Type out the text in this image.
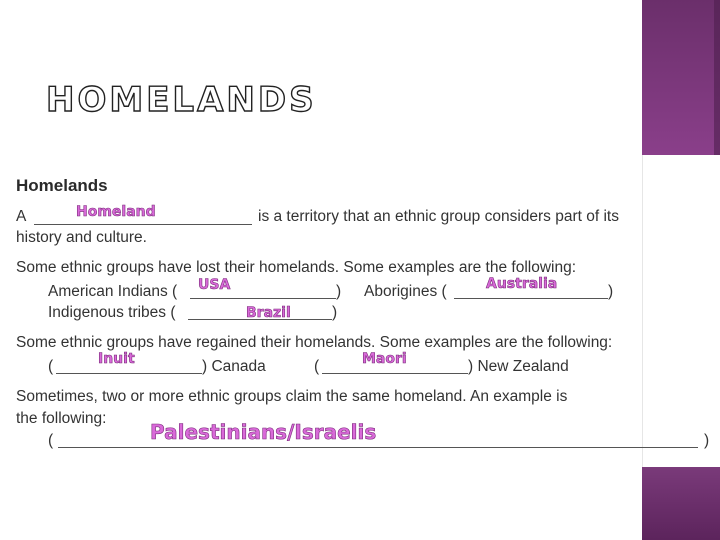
HOMELANDS
Homelands
A	Homeland	is a territory that an ethnic group considers part of its
history and culture.
Some ethnic groups have lost their homelands. Some examples are the following:
American Indians ( USA	) Aborigines (	Australia	)
Indigenous tribes (	Brazil	)
Some ethnic groups have regained their homelands. Some examples are the following:
(	Inuit	) Canada	(	Maori	) New Zealand
Sometimes, two or more ethnic groups claim the same homeland. An example is
the following:
(	Palestinians/Israelis	)
